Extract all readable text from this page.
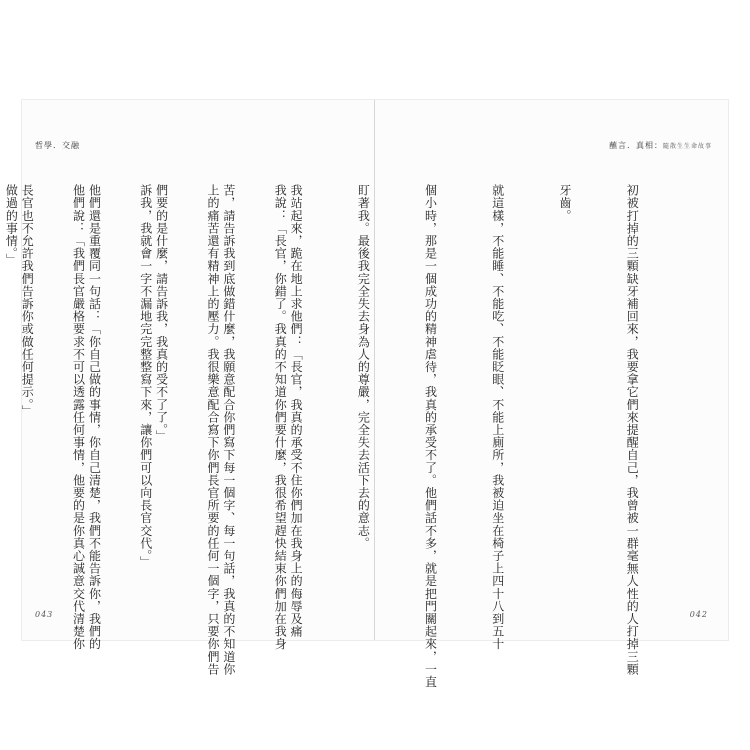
哲學．交融

我說：「長官，你錯了。我真的不知道你們要什麼，我很希望趕快結束你們加在我身

上的痛苦還有精神上的壓力。我很樂意配合寫下你們長官所要的任何一個字，只要你們告

訴我，我就會一字不漏地完完整整寫下來，讓你們可以向長官交代。」

他們說：「我們長官嚴格要求不可以透露任何事情，他要的是你真心誠意交代清楚你

做過的事情。」

043
蘸言．真相：隨散生生命故事

初被打掉的三顆缺牙補回來，我要拿它們來提醒自己，我曾被一群毫無人性的人打掉三顆

牙齒。

就這樣，不能睡、不能吃、不能眨眼、不能上廁所，我被迫坐在椅子上四十八到五十

個小時，那是一個成功的精神虐待，我真的承受不了。他們話不多，就是把門關起來，一直

盯著我。最後我完全失去身為人的尊嚴，完全失去活下去的意志。

我站起來，跪在地上求他們：「長官，我真的承受不住你們加在我身上的侮辱及痛

苦，請告訴我到底做錯什麼，我願意配合你們寫下每一個字、每一句話，我真的不知道你

們要的是什麼，請告訴我，我真的受不了了。」

他們還是重覆同一句話：「你自己做的事情，你自己清楚，我們不能告訴你，我們的

長官也不允許我們告訴你或做任何提示。」

042
